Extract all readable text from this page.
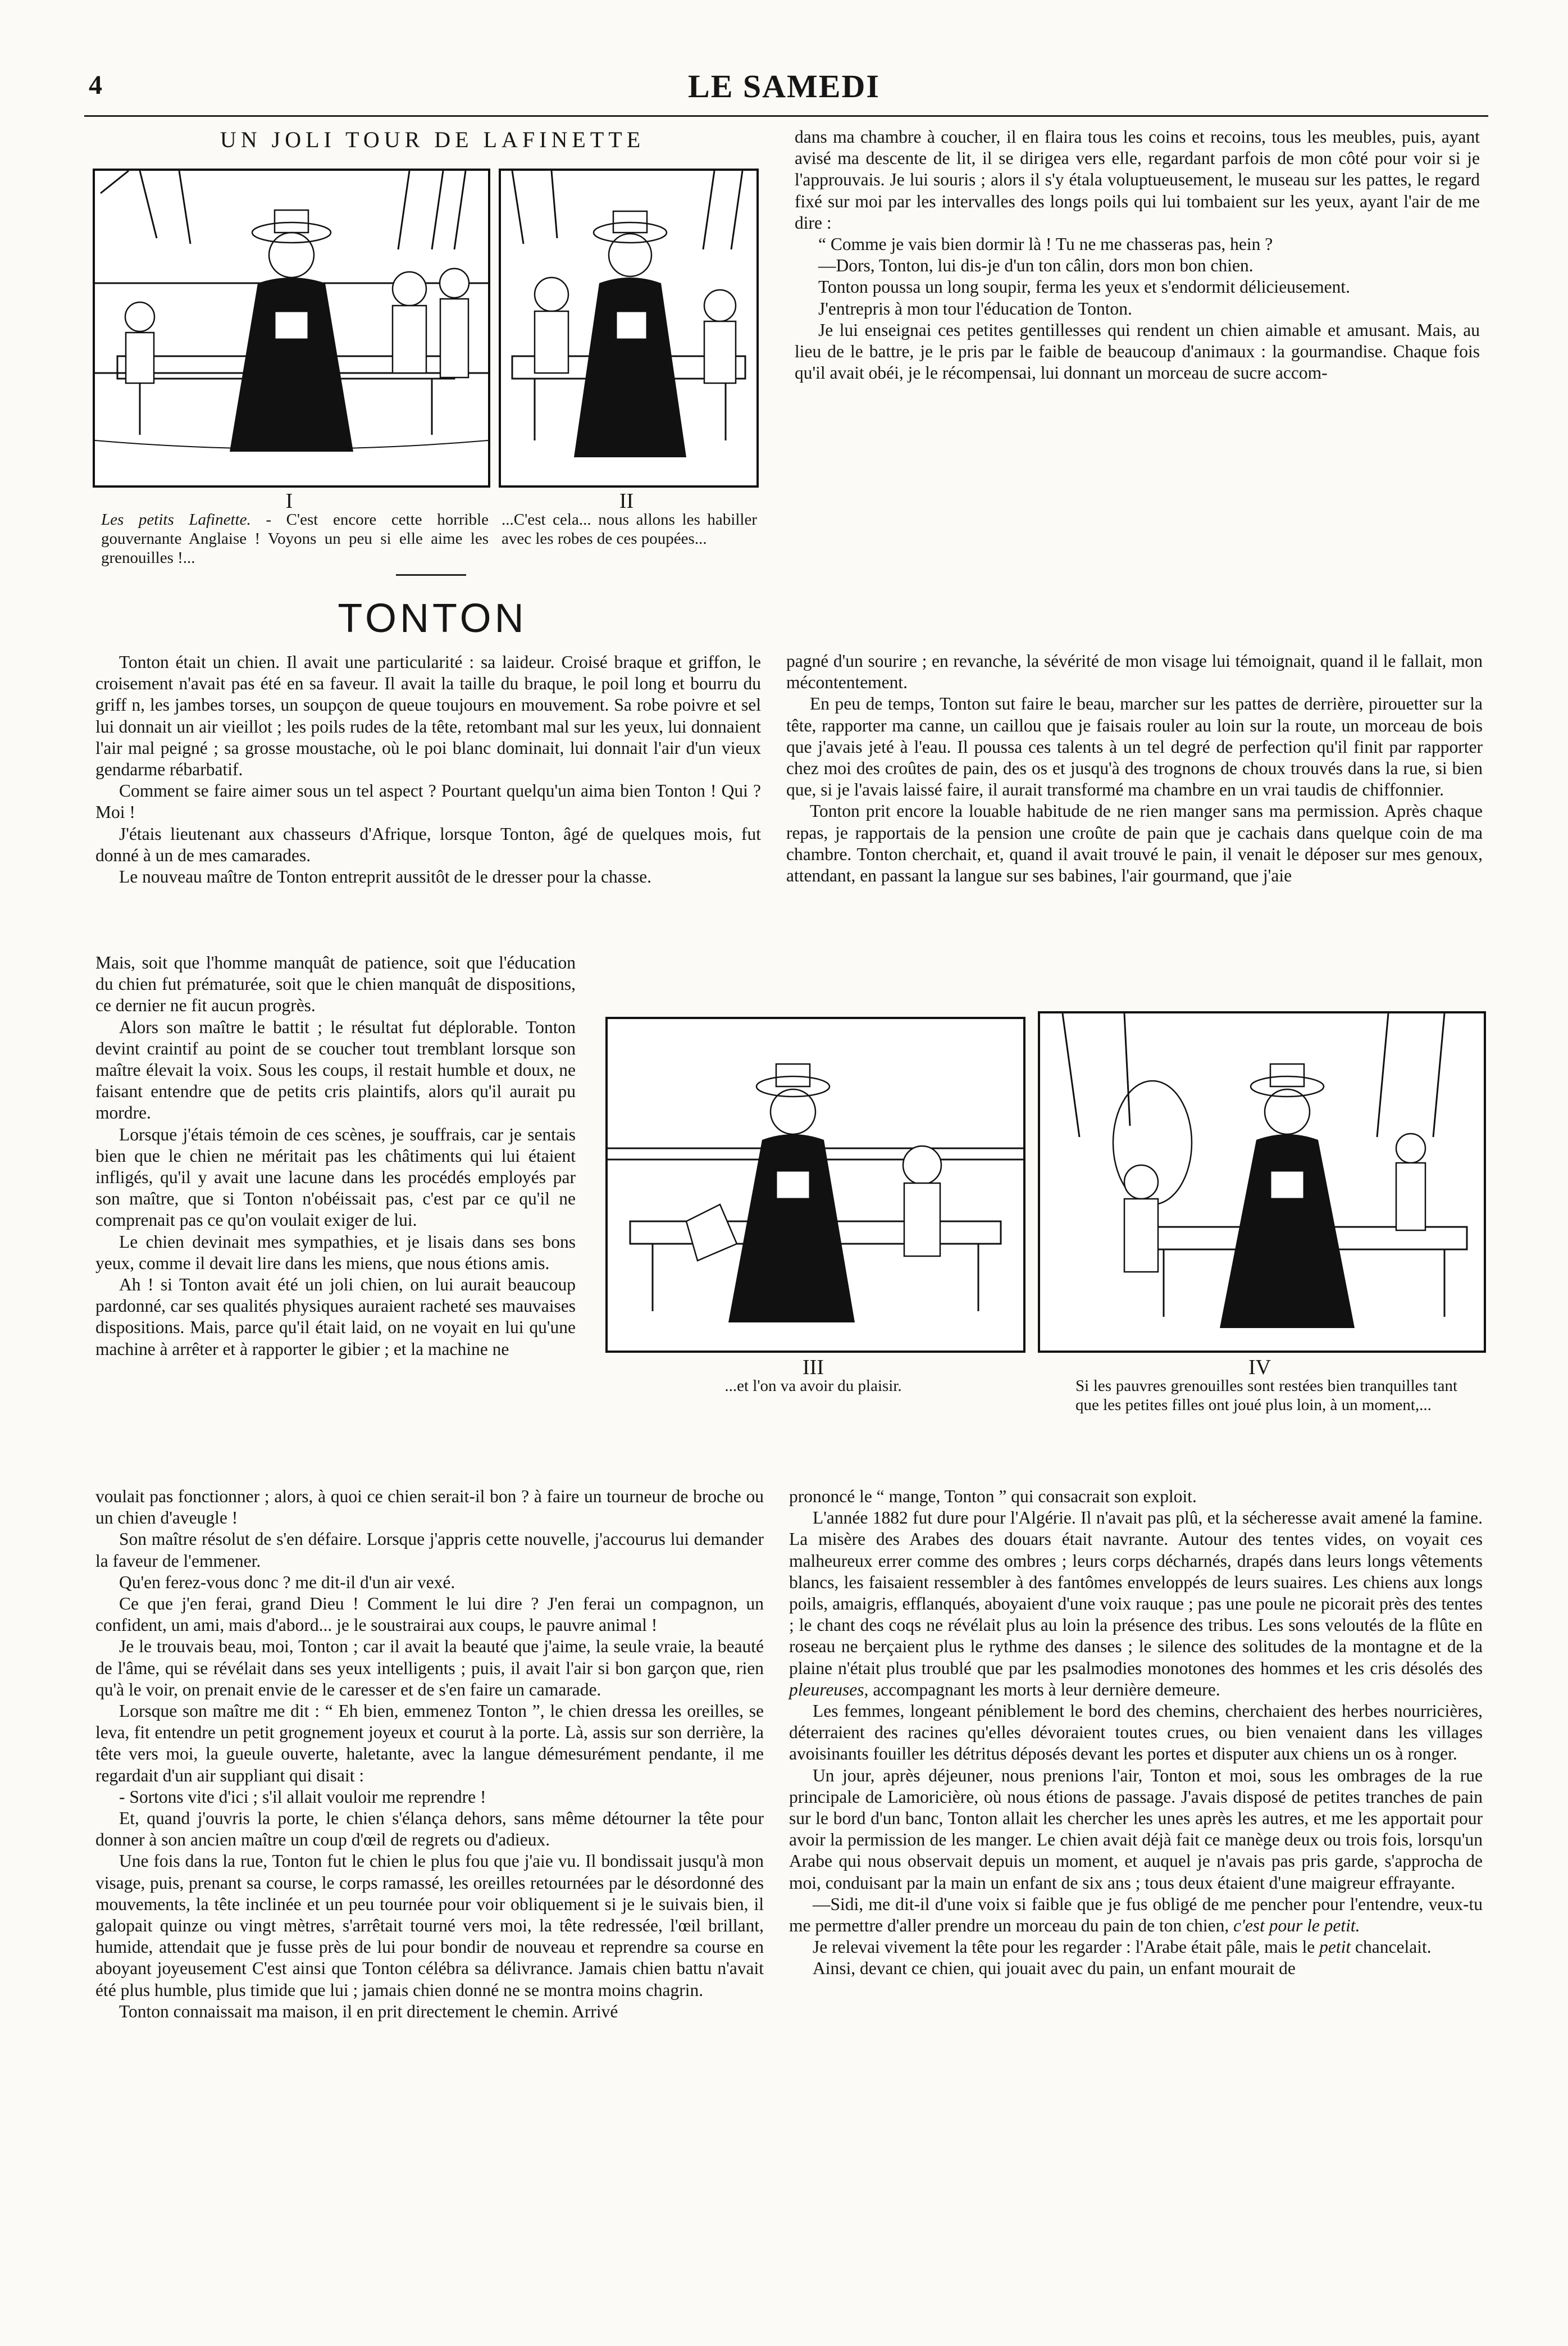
4	LE SAMEDI
UN JOLI TOUR DE LAFINETTE
I	II
Les petits Lafinette. - C'est encore cette horrible gouvernante Anglaise ! Voyons un peu si elle aime les grenouilles !...
...C'est cela... nous allons les habiller avec les robes de ces poupées...
TONTON

Tonton était un chien. Il avait une particularité : sa laideur. Croisé braque et griffon, le croisement n'avait pas été en sa faveur. Il avait la taille du braque, le poil long et bourru du griff n, les jambes torses, un soupçon de queue toujours en mouvement. Sa robe poivre et sel lui donnait un air vieillot ; les poils rudes de la tête, retombant mal sur les yeux, lui donnaient l'air mal peigné ; sa grosse moustache, où le poi blanc dominait, lui donnait l'air d'un vieux gendarme rébarbatif.

Comment se faire aimer sous un tel aspect ? Pourtant quelqu'un aima bien Tonton ! Qui ? Moi !

J'étais lieutenant aux chasseurs d'Afrique, lorsque Tonton, âgé de quelques mois, fut donné à un de mes camarades.

Le nouveau maître de Tonton entreprit aussitôt de le dresser pour la chasse.

Mais, soit que l'homme manquât de patience, soit que l'éducation du chien fut prématurée, soit que le chien manquât de dispositions, ce dernier ne fit aucun progrès.

Alors son maître le battit ; le résultat fut déplorable. Tonton devint craintif au point de se coucher tout tremblant lorsque son maître élevait la voix. Sous les coups, il restait humble et doux, ne faisant entendre que de petits cris plaintifs, alors qu'il aurait pu mordre.

Lorsque j'étais témoin de ces scènes, je souffrais, car je sentais bien que le chien ne méritait pas les châtiments qui lui étaient infligés, qu'il y avait une lacune dans les procédés employés par son maître, que si Tonton n'obéissait pas, c'est par ce qu'il ne comprenait pas ce qu'on voulait exiger de lui.

Le chien devinait mes sympathies, et je lisais dans ses bons yeux, comme il devait lire dans les miens, que nous étions amis.

Ah ! si Tonton avait été un joli chien, on lui aurait beaucoup pardonné, car ses qualités physiques auraient racheté ses mauvaises dispositions. Mais, parce qu'il était laid, on ne voyait en lui qu'une machine à arrêter et à rapporter le gibier ; et la machine ne

voulait pas fonctionner ; alors, à quoi ce chien serait-il bon ? à faire un tourneur de broche ou un chien d'aveugle !

Son maître résolut de s'en défaire. Lorsque j'appris cette nouvelle, j'accourus lui demander la faveur de l'emmener.

Qu'en ferez-vous donc ? me dit-il d'un air vexé.

Ce que j'en ferai, grand Dieu ! Comment le lui dire ? J'en ferai un compagnon, un confident, un ami, mais d'abord... je le soustrairai aux coups, le pauvre animal !

Je le trouvais beau, moi, Tonton ; car il avait la beauté que j'aime, la seule vraie, la beauté de l'âme, qui se révélait dans ses yeux intelligents ; puis, il avait l'air si bon garçon que, rien qu'à le voir, on prenait envie de le caresser et de s'en faire un camarade.

Lorsque son maître me dit : “ Eh bien, emmenez Tonton ”, le chien dressa les oreilles, se leva, fit entendre un petit grognement joyeux et courut à la porte. Là, assis sur son derrière, la tête vers moi, la gueule ouverte, haletante, avec la langue démesurément pendante, il me regardait d'un air suppliant qui disait :

- Sortons vite d'ici ; s'il allait vouloir me reprendre !

Et, quand j'ouvris la porte, le chien s'élança dehors, sans même détourner la tête pour donner à son ancien maître un coup d'œil de regrets ou d'adieux.

Une fois dans la rue, Tonton fut le chien le plus fou que j'aie vu. Il bondissait jusqu'à mon visage, puis, prenant sa course, le corps ramassé, les oreilles retournées par le désordonné des mouvements, la tête inclinée et un peu tournée pour voir obliquement si je le suivais bien, il galopait quinze ou vingt mètres, s'arrêtait tourné vers moi, la tête redressée, l'œil brillant, humide, attendait que je fusse près de lui pour bondir de nouveau et reprendre sa course en aboyant joyeusement C'est ainsi que Tonton célébra sa délivrance. Jamais chien battu n'avait été plus humble, plus timide que lui ; jamais chien donné ne se montra moins chagrin.

Tonton connaissait ma maison, il en prit directement le chemin. Arrivé

dans ma chambre à coucher, il en flaira tous les coins et recoins, tous les meubles, puis, ayant avisé ma descente de lit, il se dirigea vers elle, regardant parfois de mon côté pour voir si je l'approuvais. Je lui souris ; alors il s'y étala voluptueusement, le museau sur les pattes, le regard fixé sur moi par les intervalles des longs poils qui lui tombaient sur les yeux, ayant l'air de me dire :

“ Comme je vais bien dormir là ! Tu ne me chasseras pas, hein ?

—Dors, Tonton, lui dis-je d'un ton câlin, dors mon bon chien.

Tonton poussa un long soupir, ferma les yeux et s'endormit délicieusement.

J'entrepris à mon tour l'éducation de Tonton.

Je lui enseignai ces petites gentillesses qui rendent un chien aimable et amusant. Mais, au lieu de le battre, je le pris par le faible de beaucoup d'animaux : la gourmandise. Chaque fois qu'il avait obéi, je le récompensai, lui donnant un morceau de sucre accom-

pagné d'un sourire ; en revanche, la sévérité de mon visage lui témoignait, quand il le fallait, mon mécontentement.

En peu de temps, Tonton sut faire le beau, marcher sur les pattes de derrière, pirouetter sur la tête, rapporter ma canne, un caillou que je faisais rouler au loin sur la route, un morceau de bois que j'avais jeté à l'eau. Il poussa ces talents à un tel degré de perfection qu'il finit par rapporter chez moi des croûtes de pain, des os et jusqu'à des trognons de choux trouvés dans la rue, si bien que, si je l'avais laissé faire, il aurait transformé ma chambre en un vrai taudis de chiffonnier.

Tonton prit encore la louable habitude de ne rien manger sans ma permission. Après chaque repas, je rapportais de la pension une croûte de pain que je cachais dans quelque coin de ma chambre. Tonton cherchait, et, quand il avait trouvé le pain, il venait le déposer sur mes genoux, attendant, en passant la langue sur ses babines, l'air gourmand, que j'aie

III	IV
...et l'on va avoir du plaisir.	Si les pauvres grenouilles sont restées bien tranquilles tant que les petites filles ont joué plus loin, à un moment,...

prononcé le “ mange, Tonton ” qui consacrait son exploit.

L'année 1882 fut dure pour l'Algérie. Il n'avait pas plû, et la sécheresse avait amené la famine. La misère des Arabes des douars était navrante. Autour des tentes vides, on voyait ces malheureux errer comme des ombres ; leurs corps décharnés, drapés dans leurs longs vêtements blancs, les faisaient ressembler à des fantômes enveloppés de leurs suaires. Les chiens aux longs poils, amaigris, efflanqués, aboyaient d'une voix rauque ; pas une poule ne picorait près des tentes ; le chant des coqs ne révélait plus au loin la présence des tribus. Les sons veloutés de la flûte en roseau ne berçaient plus le rythme des danses ; le silence des solitudes de la montagne et de la plaine n'était plus troublé que par les psalmodies monotones des hommes et les cris désolés des pleureuses, accompagnant les morts à leur dernière demeure.

Les femmes, longeant péniblement le bord des chemins, cherchaient des herbes nourricières, déterraient des racines qu'elles dévoraient toutes crues, ou bien venaient dans les villages avoisinants fouiller les détritus déposés devant les portes et disputer aux chiens un os à ronger.

Un jour, après déjeuner, nous prenions l'air, Tonton et moi, sous les ombrages de la rue principale de Lamoricière, où nous étions de passage. J'avais disposé de petites tranches de pain sur le bord d'un banc, Tonton allait les chercher les unes après les autres, et me les apportait pour avoir la permission de les manger. Le chien avait déjà fait ce manège deux ou trois fois, lorsqu'un Arabe qui nous observait depuis un moment, et auquel je n'avais pas pris garde, s'approcha de moi, conduisant par la main un enfant de six ans ; tous deux étaient d'une maigreur effrayante.

—Sidi, me dit-il d'une voix si faible que je fus obligé de me pencher pour l'entendre, veux-tu me permettre d'aller prendre un morceau du pain de ton chien, c'est pour le petit.

Je relevai vivement la tête pour les regarder : l'Arabe était pâle, mais le petit chancelait.

Ainsi, devant ce chien, qui jouait avec du pain, un enfant mourait de
